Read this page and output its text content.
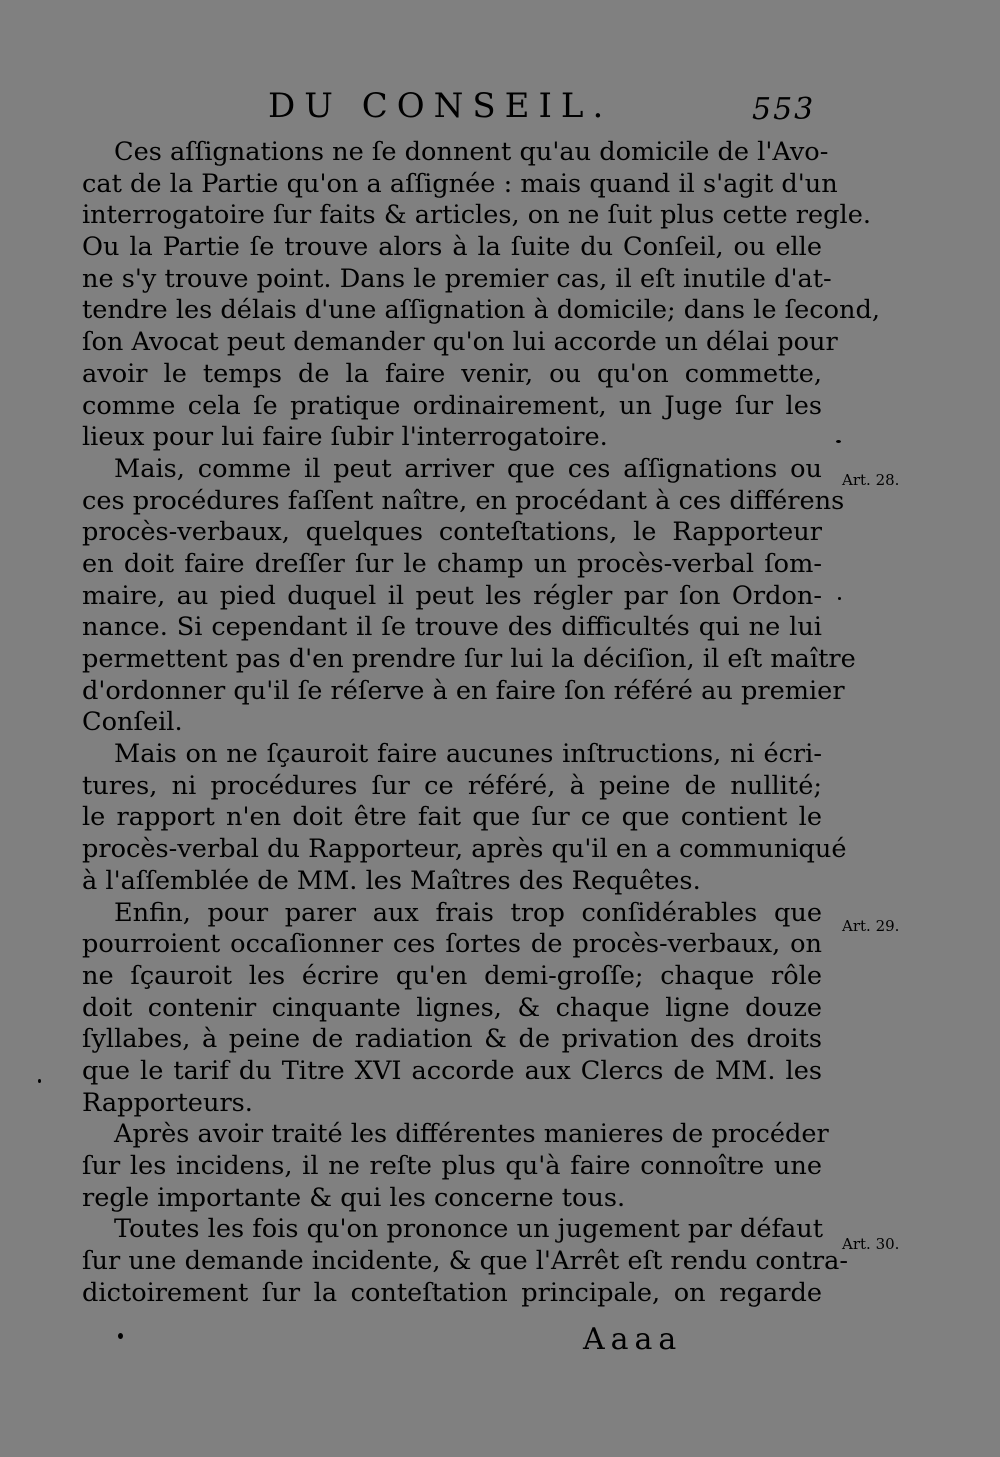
DU CONSEIL.	553
Ces aſſignations ne ſe donnent qu'au domicile de l'Avo-
cat de la Partie qu'on a aſſignée : mais quand il s'agit d'un
interrogatoire ſur faits & articles, on ne ſuit plus cette regle.
Ou la Partie ſe trouve alors à la ſuite du Conſeil, ou elle
ne s'y trouve point. Dans le premier cas, il eſt inutile d'at-
tendre les délais d'une aſſignation à domicile; dans le ſecond,
ſon Avocat peut demander qu'on lui accorde un délai pour
avoir le temps de la faire venir, ou qu'on commette,
comme cela ſe pratique ordinairement, un Juge ſur les
lieux pour lui faire ſubir l'interrogatoire.
Mais, comme il peut arriver que ces aſſignations ou
ces procédures faſſent naître, en procédant à ces différens
procès-verbaux, quelques conteſtations, le Rapporteur
en doit faire dreſſer ſur le champ un procès-verbal ſom-
maire, au pied duquel il peut les régler par ſon Ordon-
nance. Si cependant il ſe trouve des difficultés qui ne lui
permettent pas d'en prendre ſur lui la déciſion, il eſt maître
d'ordonner qu'il ſe réſerve à en faire ſon référé au premier
Conſeil.
Mais on ne ſçauroit faire aucunes inſtructions, ni écri-
tures, ni procédures ſur ce référé, à peine de nullité;
le rapport n'en doit être fait que ſur ce que contient le
procès-verbal du Rapporteur, après qu'il en a communiqué
à l'aſſemblée de MM. les Maîtres des Requêtes.
Enfin, pour parer aux frais trop conſidérables que
pourroient occaſionner ces ſortes de procès-verbaux, on
ne ſçauroit les écrire qu'en demi-groſſe; chaque rôle
doit contenir cinquante lignes, & chaque ligne douze
ſyllabes, à peine de radiation & de privation des droits
que le tarif du Titre XVI accorde aux Clercs de MM. les
Rapporteurs.
Après avoir traité les différentes manieres de procéder
ſur les incidens, il ne reſte plus qu'à faire connoître une
regle importante & qui les concerne tous.
Toutes les fois qu'on prononce un jugement par défaut
ſur une demande incidente, & que l'Arrêt eſt rendu contra-
dictoirement ſur la conteſtation principale, on regarde
Art. 28.
Art. 29.
Art. 30.
Aaaa
